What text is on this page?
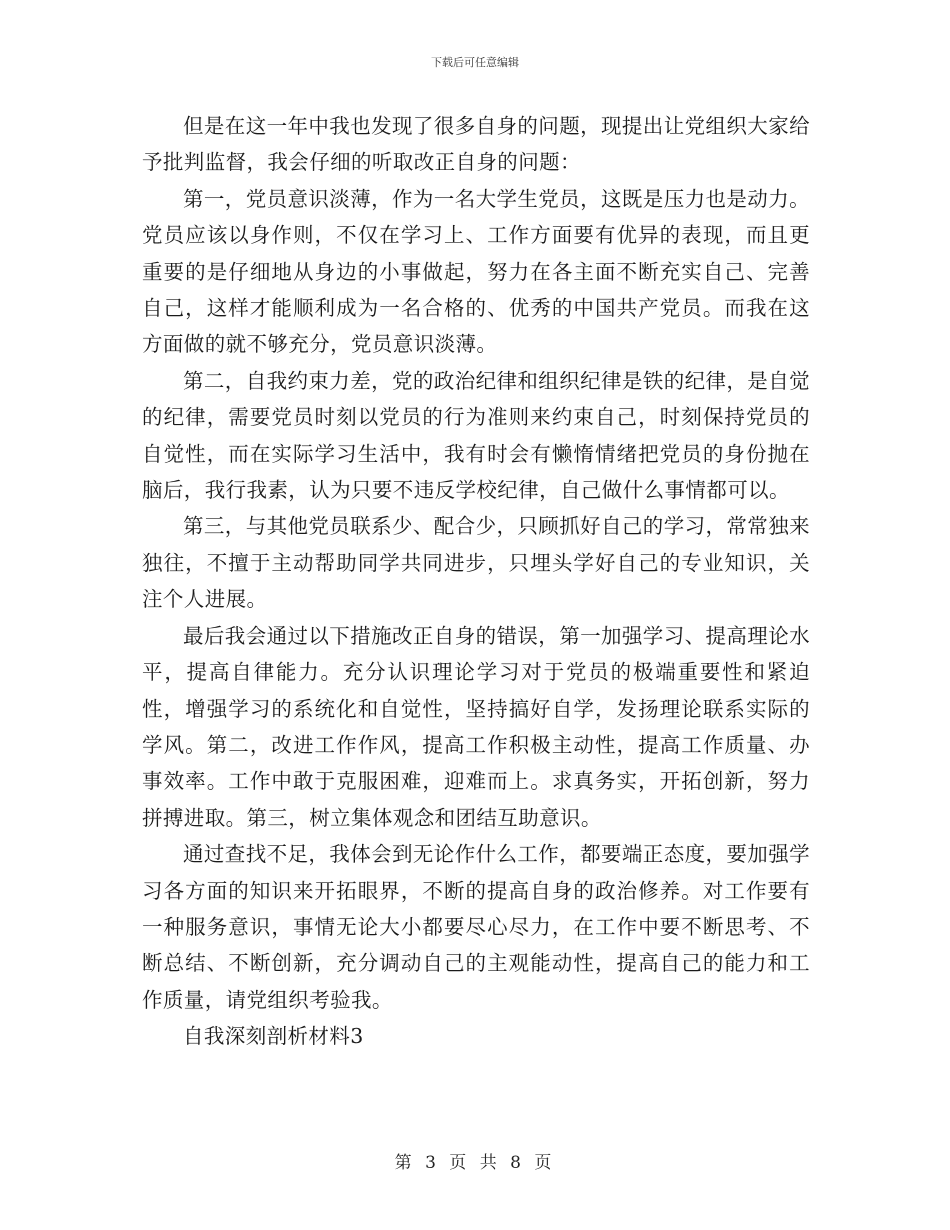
下载后可任意编辑

但是在这一年中我也发现了很多自身的问题，现提出让党组织大家给予批判监督，我会仔细的听取改正自身的问题：

第一，党员意识淡薄，作为一名大学生党员，这既是压力也是动力。党员应该以身作则，不仅在学习上、工作方面要有优异的表现，而且更重要的是仔细地从身边的小事做起，努力在各主面不断充实自己、完善自己，这样才能顺利成为一名合格的、优秀的中国共产党员。而我在这方面做的就不够充分，党员意识淡薄。

第二，自我约束力差，党的政治纪律和组织纪律是铁的纪律，是自觉的纪律，需要党员时刻以党员的行为准则来约束自己，时刻保持党员的自觉性，而在实际学习生活中，我有时会有懒惰情绪把党员的身份抛在脑后，我行我素，认为只要不违反学校纪律，自己做什么事情都可以。

第三，与其他党员联系少、配合少，只顾抓好自己的学习，常常独来独往，不擅于主动帮助同学共同进步，只埋头学好自己的专业知识，关注个人进展。

最后我会通过以下措施改正自身的错误，第一加强学习、提高理论水平，提高自律能力。充分认识理论学习对于党员的极端重要性和紧迫性，增强学习的系统化和自觉性，坚持搞好自学，发扬理论联系实际的学风。第二，改进工作作风，提高工作积极主动性，提高工作质量、办事效率。工作中敢于克服困难，迎难而上。求真务实，开拓创新，努力拼搏进取。第三，树立集体观念和团结互助意识。

通过查找不足，我体会到无论作什么工作，都要端正态度，要加强学习各方面的知识来开拓眼界，不断的提高自身的政治修养。对工作要有一种服务意识，事情无论大小都要尽心尽力，在工作中要不断思考、不断总结、不断创新，充分调动自己的主观能动性，提高自己的能力和工作质量，请党组织考验我。

自我深刻剖析材料3

第 3 页 共 8 页
